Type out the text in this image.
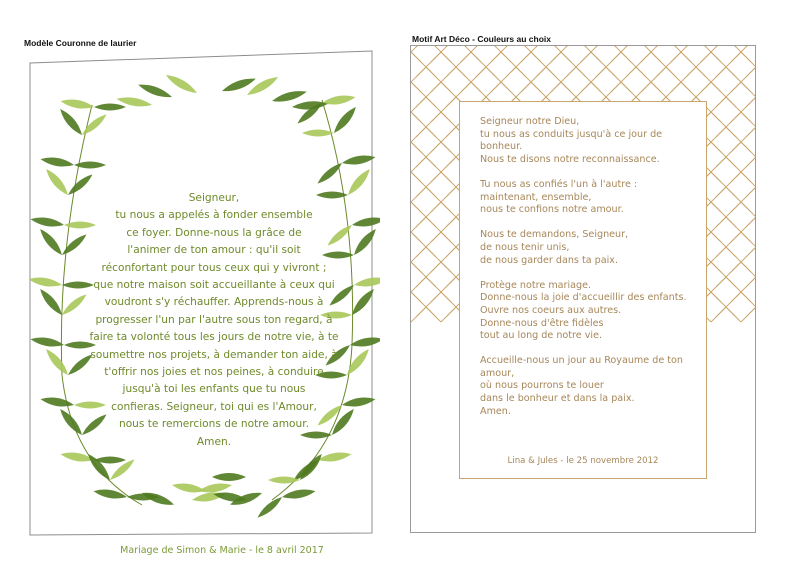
Modèle Couronne de laurier	Motif Art Déco - Couleurs au choix
Seigneur,
tu nous a appelés à fonder ensemble
ce foyer. Donne-nous la grâce de
l'animer de ton amour : qu'il soit
réconfortant pour tous ceux qui y vivront ;
que notre maison soit accueillante à ceux qui
voudront s'y réchauffer. Apprends-nous à
progresser l'un par l'autre sous ton regard, à
faire ta volonté tous les jours de notre vie, à te
soumettre nos projets, à demander ton aide, à
t'offrir nos joies et nos peines, à conduire
jusqu'à toi les enfants que tu nous
confieras. Seigneur, toi qui es l'Amour,
nous te remercions de notre amour.
Amen.
Mariage de Simon & Marie - le 8 avril 2017
Seigneur notre Dieu,
tu nous as conduits jusqu'à ce jour de
bonheur.
Nous te disons notre reconnaissance.
Tu nous as confiés l'un à l'autre :
maintenant, ensemble,
nous te confions notre amour.
Nous te demandons, Seigneur,
de nous tenir unis,
de nous garder dans ta paix.
Protège notre mariage.
Donne-nous la joie d'accueillir des enfants.
Ouvre nos coeurs aux autres.
Donne-nous d'être fidèles
tout au long de notre vie.
Accueille-nous un jour au Royaume de ton
amour,
où nous pourrons te louer
dans le bonheur et dans la paix.
Amen.
Lina & Jules - le 25 novembre 2012
